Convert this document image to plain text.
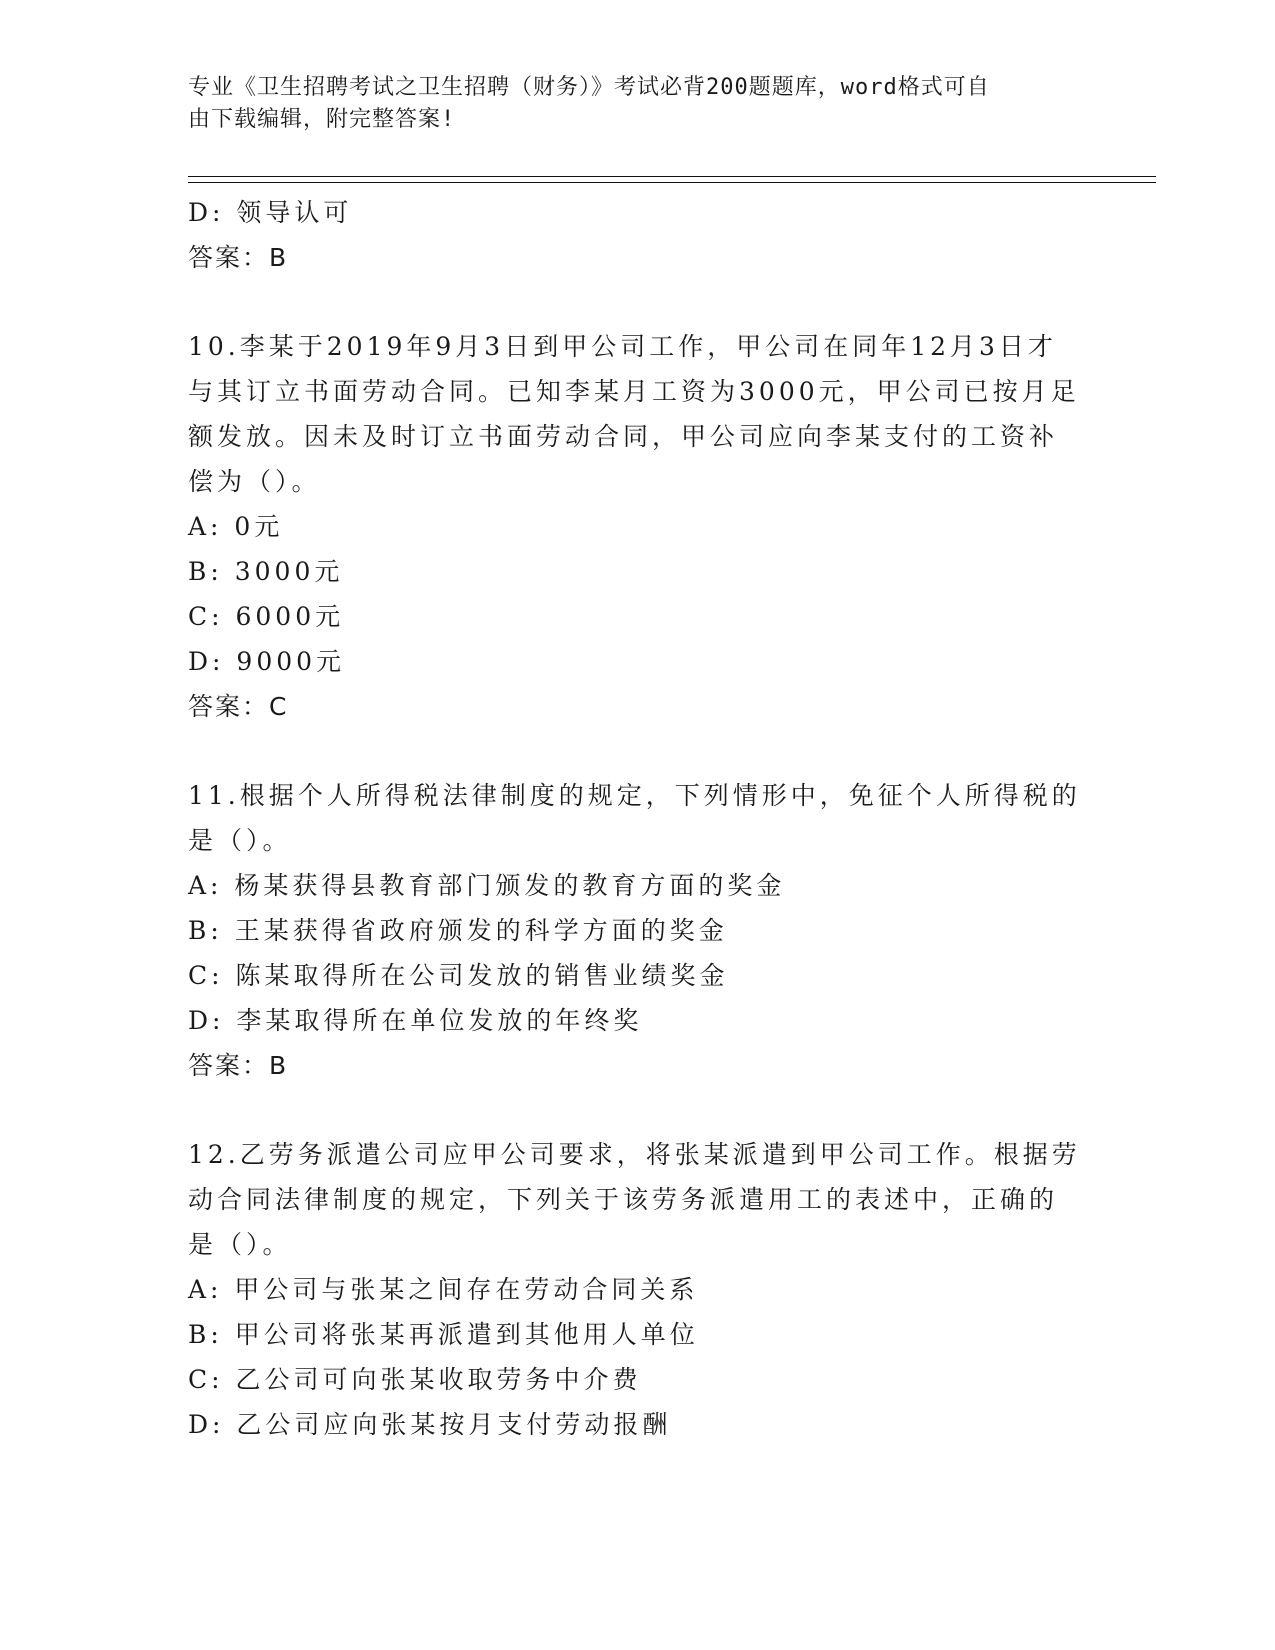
专业《卫生招聘考试之卫生招聘（财务）》考试必背200题题库，word格式可自
由下载编辑，附完整答案!
D: 领导认可
答案：B
10.李某于2019年9月3日到甲公司工作，甲公司在同年12月3日才
与其订立书面劳动合同。已知李某月工资为3000元，甲公司已按月足
额发放。因未及时订立书面劳动合同，甲公司应向李某支付的工资补
偿为（）。
A: 0元
B: 3000元
C: 6000元
D: 9000元
答案：C
11.根据个人所得税法律制度的规定，下列情形中，免征个人所得税的
是（）。
A: 杨某获得县教育部门颁发的教育方面的奖金
B: 王某获得省政府颁发的科学方面的奖金
C: 陈某取得所在公司发放的销售业绩奖金
D: 李某取得所在单位发放的年终奖
答案：B
12.乙劳务派遣公司应甲公司要求，将张某派遣到甲公司工作。根据劳
动合同法律制度的规定，下列关于该劳务派遣用工的表述中，正确的
是（）。
A: 甲公司与张某之间存在劳动合同关系
B: 甲公司将张某再派遣到其他用人单位
C: 乙公司可向张某收取劳务中介费
D: 乙公司应向张某按月支付劳动报酬
